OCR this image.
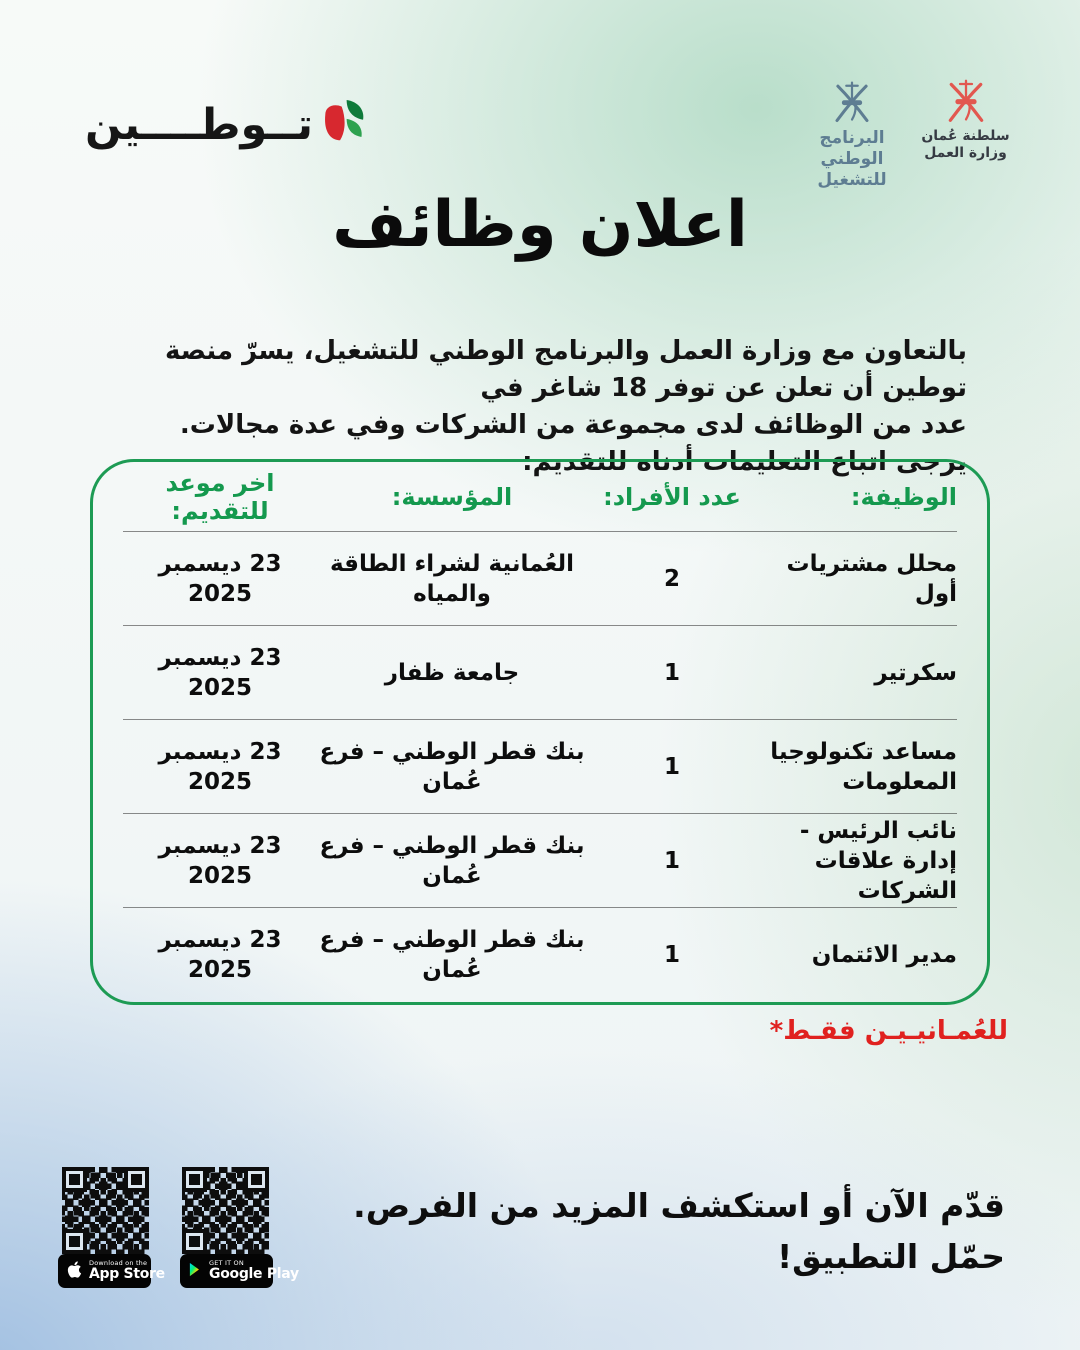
تــوطــــين	البرنامج الوطني
للتشغيل
سلطنة عُمان
وزارة العمل
اعلان وظائف
بالتعاون مع وزارة العمل والبرنامج الوطني للتشغيل، يسرّ منصة توطين أن تعلن عن توفر 18 شاغر في
عدد من الوظائف لدى مجموعة من الشركات وفي عدة مجالات.
يرجى اتباع التعليمات أدناه للتقديم:
الوظيفة:
عدد الأفراد:
المؤسسة:
اخر موعد للتقديم:
محلل مشتريات أول
2
العُمانية لشراء الطاقة والمياه
23 ديسمبر 2025
سكرتير
1
جامعة ظفار
23 ديسمبر 2025
مساعد تكنولوجيا المعلومات
1
بنك قطر الوطني – فرع عُمان
23 ديسمبر 2025
نائب الرئيس - إدارة علاقات الشركات
1
بنك قطر الوطني – فرع عُمان
23 ديسمبر 2025
مدير الائتمان
1
بنك قطر الوطني – فرع عُمان
23 ديسمبر 2025
للعُمـانيـيـن فقـط*
قدّم الآن أو استكشف المزيد من الفرص.
حمّل التطبيق!
Download on the
App Store
GET IT ON
Google Play
